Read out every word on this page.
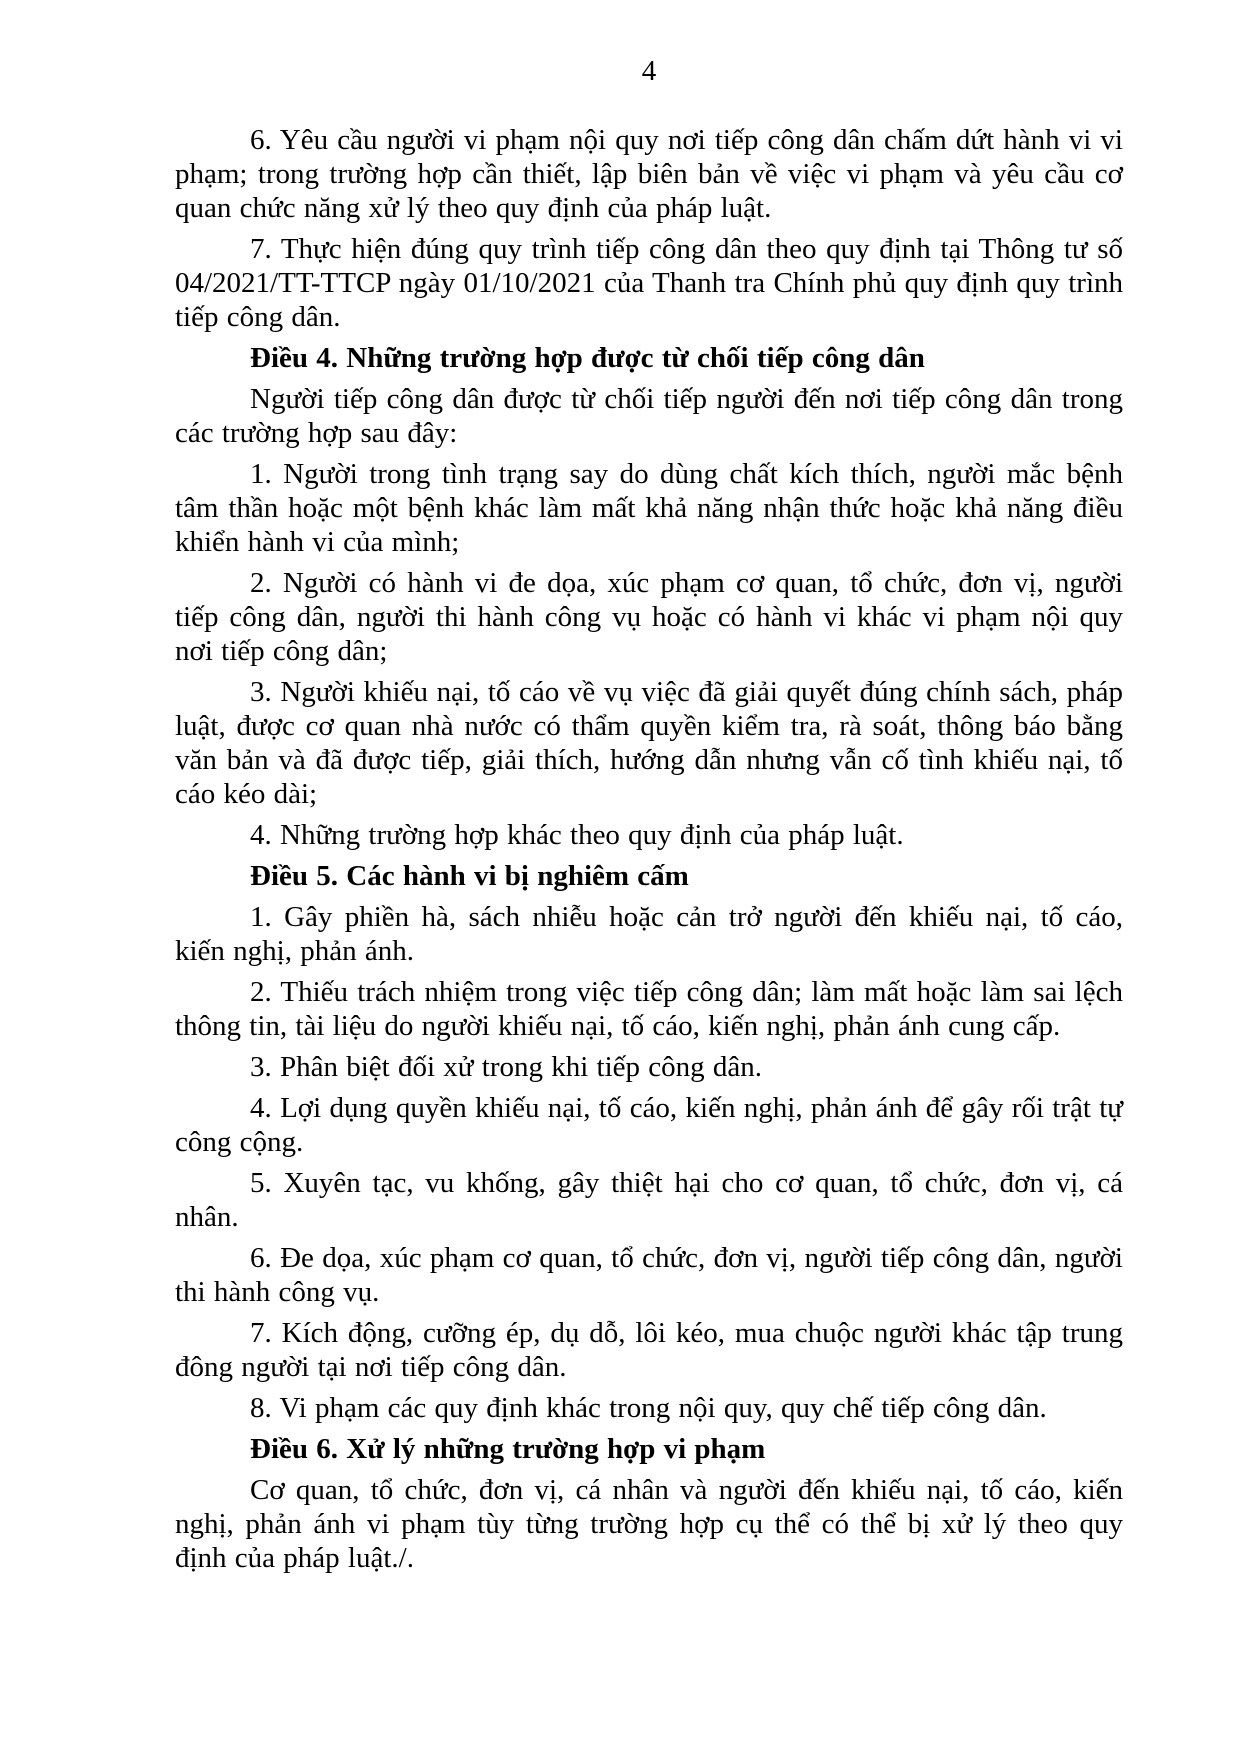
4

6. Yêu cầu người vi phạm nội quy nơi tiếp công dân chấm dứt hành vi vi phạm; trong trường hợp cần thiết, lập biên bản về việc vi phạm và yêu cầu cơ quan chức năng xử lý theo quy định của pháp luật.

7. Thực hiện đúng quy trình tiếp công dân theo quy định tại Thông tư số 04/2021/TT-TTCP ngày 01/10/2021 của Thanh tra Chính phủ quy định quy trình tiếp công dân.

Điều 4. Những trường hợp được từ chối tiếp công dân

Người tiếp công dân được từ chối tiếp người đến nơi tiếp công dân trong các trường hợp sau đây:

1. Người trong tình trạng say do dùng chất kích thích, người mắc bệnh tâm thần hoặc một bệnh khác làm mất khả năng nhận thức hoặc khả năng điều khiển hành vi của mình;

2. Người có hành vi đe dọa, xúc phạm cơ quan, tổ chức, đơn vị, người tiếp công dân, người thi hành công vụ hoặc có hành vi khác vi phạm nội quy nơi tiếp công dân;

3. Người khiếu nại, tố cáo về vụ việc đã giải quyết đúng chính sách, pháp luật, được cơ quan nhà nước có thẩm quyền kiểm tra, rà soát, thông báo bằng văn bản và đã được tiếp, giải thích, hướng dẫn nhưng vẫn cố tình khiếu nại, tố cáo kéo dài;

4. Những trường hợp khác theo quy định của pháp luật.

Điều 5. Các hành vi bị nghiêm cấm

1. Gây phiền hà, sách nhiễu hoặc cản trở người đến khiếu nại, tố cáo, kiến nghị, phản ánh.

2. Thiếu trách nhiệm trong việc tiếp công dân; làm mất hoặc làm sai lệch thông tin, tài liệu do người khiếu nại, tố cáo, kiến nghị, phản ánh cung cấp.

3. Phân biệt đối xử trong khi tiếp công dân.

4. Lợi dụng quyền khiếu nại, tố cáo, kiến nghị, phản ánh để gây rối trật tự công cộng.

5. Xuyên tạc, vu khống, gây thiệt hại cho cơ quan, tổ chức, đơn vị, cá nhân.

6. Đe dọa, xúc phạm cơ quan, tổ chức, đơn vị, người tiếp công dân, người thi hành công vụ.

7. Kích động, cưỡng ép, dụ dỗ, lôi kéo, mua chuộc người khác tập trung đông người tại nơi tiếp công dân.

8. Vi phạm các quy định khác trong nội quy, quy chế tiếp công dân.

Điều 6. Xử lý những trường hợp vi phạm

Cơ quan, tổ chức, đơn vị, cá nhân và người đến khiếu nại, tố cáo, kiến nghị, phản ánh vi phạm tùy từng trường hợp cụ thể có thể bị xử lý theo quy định của pháp luật./.
